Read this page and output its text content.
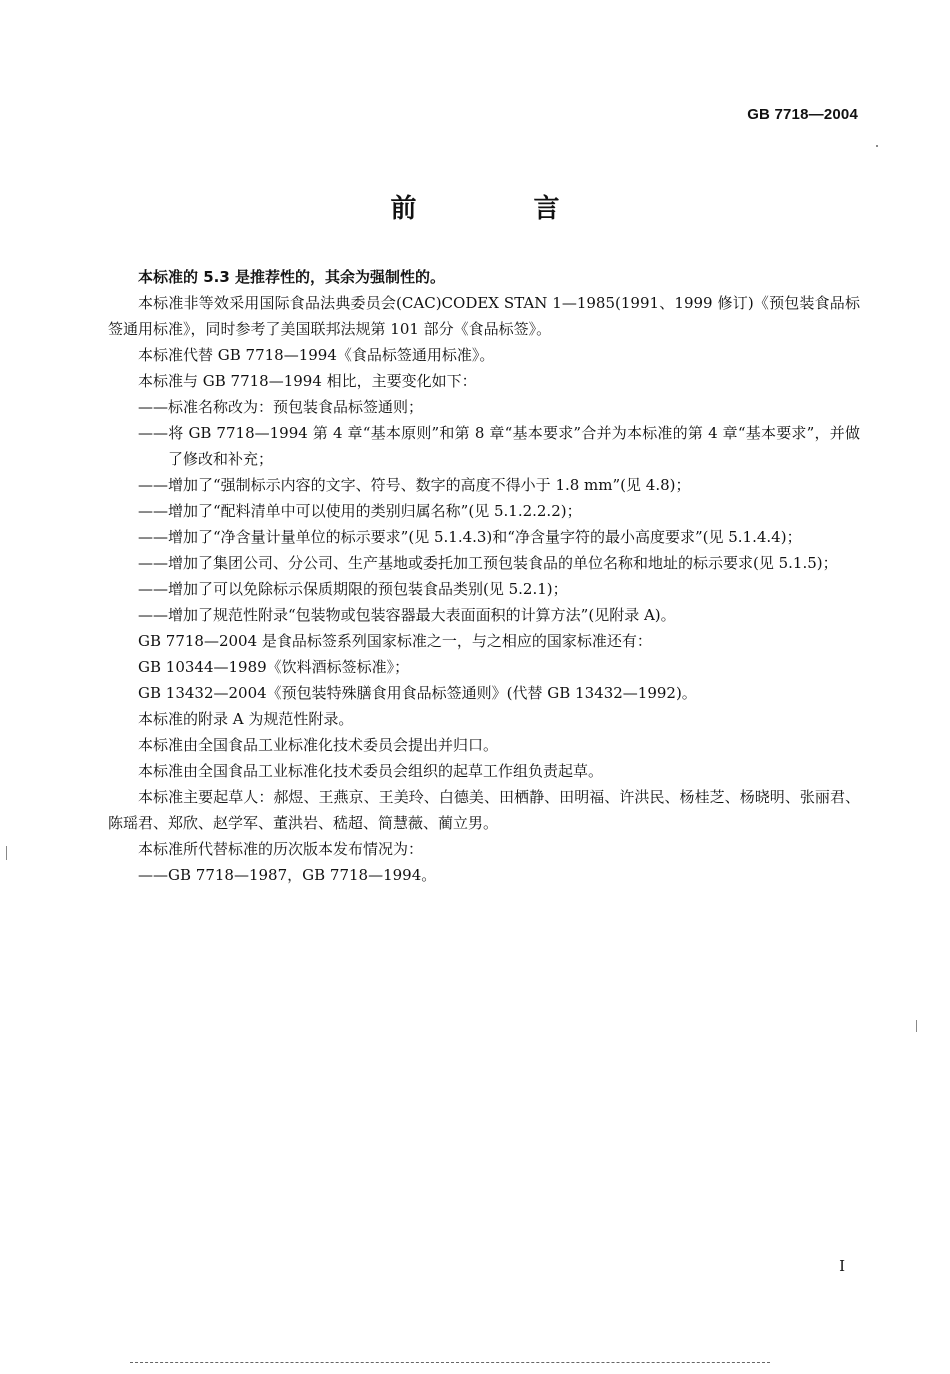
GB 7718—2004
前 言

本标准的 5.3 是推荐性的，其余为强制性的。

本标准非等效采用国际食品法典委员会(CAC)CODEX STAN 1—1985(1991、1999 修订)《预包装食品标签通用标准》，同时参考了美国联邦法规第 101 部分《食品标签》。

本标准代替 GB 7718—1994《食品标签通用标准》。

本标准与 GB 7718—1994 相比，主要变化如下：

——标准名称改为：预包装食品标签通则；

——将 GB 7718—1994 第 4 章“基本原则”和第 8 章“基本要求”合并为本标准的第 4 章“基本要求”，并做了修改和补充；

——增加了“强制标示内容的文字、符号、数字的高度不得小于 1.8 mm”(见 4.8)；

——增加了“配料清单中可以使用的类别归属名称”(见 5.1.2.2.2)；

——增加了“净含量计量单位的标示要求”(见 5.1.4.3)和“净含量字符的最小高度要求”(见 5.1.4.4)；

——增加了集团公司、分公司、生产基地或委托加工预包装食品的单位名称和地址的标示要求(见 5.1.5)；

——增加了可以免除标示保质期限的预包装食品类别(见 5.2.1)；

——增加了规范性附录“包装物或包装容器最大表面面积的计算方法”(见附录 A)。

GB 7718—2004 是食品标签系列国家标准之一，与之相应的国家标准还有：

GB 10344—1989《饮料酒标签标准》；

GB 13432—2004《预包装特殊膳食用食品标签通则》(代替 GB 13432—1992)。

本标准的附录 A 为规范性附录。

本标准由全国食品工业标准化技术委员会提出并归口。

本标准由全国食品工业标准化技术委员会组织的起草工作组负责起草。

本标准主要起草人：郝煜、王燕京、王美玲、白德美、田栖静、田明福、许洪民、杨桂芝、杨晓明、张丽君、陈瑶君、郑欣、赵学军、董洪岩、嵇超、简慧薇、蔺立男。

本标准所代替标准的历次版本发布情况为：

——GB 7718—1987，GB 7718—1994。

I
